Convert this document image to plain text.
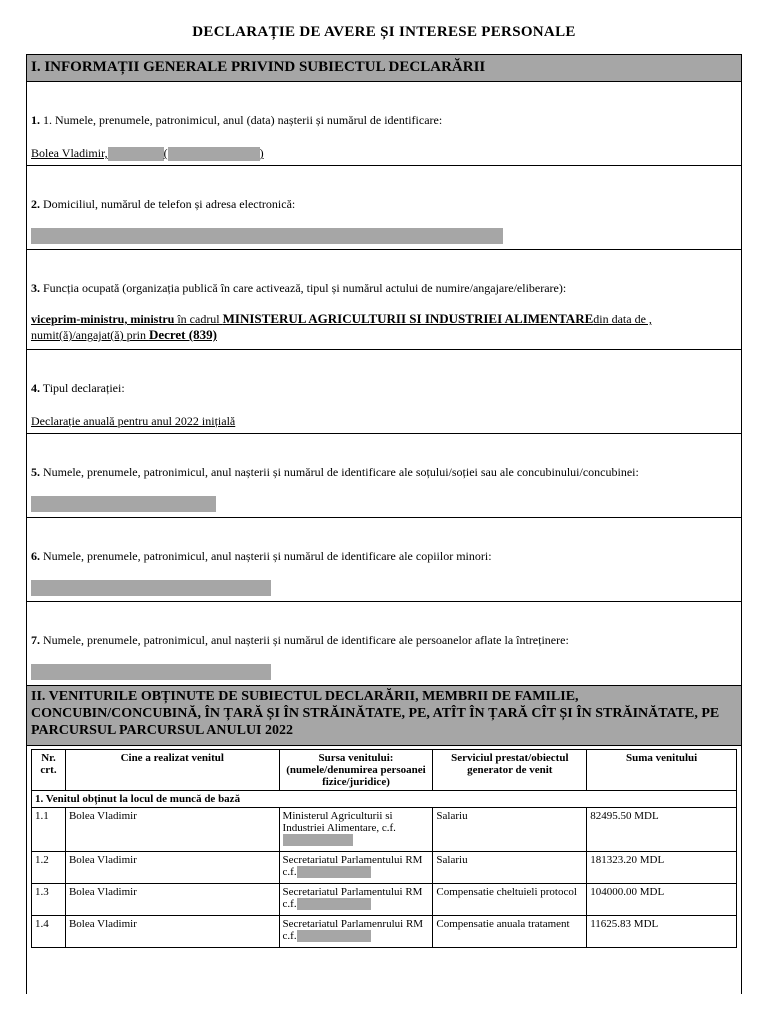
DECLARAȚIE DE AVERE ȘI INTERESE PERSONALE
I. INFORMAȚII GENERALE PRIVIND SUBIECTUL DECLARĂRII
1. 1. Numele, prenumele, patronimicul, anul (data) nașterii și numărul de identificare:
Bolea Vladimir,	(	)
2. Domiciliul, numărul de telefon și adresa electronică:
3. Funcția ocupată (organizația publică în care activează, tipul și numărul actului de numire/angajare/eliberare):
viceprim-ministru, ministru în cadrul MINISTERUL AGRICULTURII SI INDUSTRIEI ALIMENTAREdin data de ,
numit(ă)/angajat(ă) prin Decret (839)
4. Tipul declarației:
Declarație anuală pentru anul 2022 inițială
5. Numele, prenumele, patronimicul, anul nașterii și numărul de identificare ale soțului/soției sau ale concubinului/concubinei:
6. Numele, prenumele, patronimicul, anul nașterii și numărul de identificare ale copiilor minori:
7. Numele, prenumele, patronimicul, anul nașterii și numărul de identificare ale persoanelor aflate la întreținere:
II. VENITURILE OBȚINUTE DE SUBIECTUL DECLARĂRII, MEMBRII DE FAMILIE, CONCUBIN/CONCUBINĂ, ÎN ȚARĂ ȘI ÎN STRĂINĂTATE, PE, ATÎT ÎN ȚARĂ CÎT ȘI ÎN STRĂINĂTATE, PE PARCURSUL PARCURSUL ANULUI 2022
Nr. crt.	Cine a realizat venitul	Sursa venitului: (numele/denumirea persoanei fizice/juridice)	Serviciul prestat/obiectul generator de venit	Suma venitului
1. Venitul obținut la locul de muncă de bază				
1.1	Bolea Vladimir	Ministerul Agriculturii si Industriei Alimentare, c.f.	Salariu	82495.50 MDL
1.2	Bolea Vladimir	Secretariatul Parlamentului RM c.f.	Salariu	181323.20 MDL
1.3	Bolea Vladimir	Secretariatul Parlamentului RM c.f.	Compensatie cheltuieli protocol	104000.00 MDL
1.4	Bolea Vladimir	Secretariatul Parlamenrului RM c.f.	Compensatie anuala tratament	11625.83 MDL
